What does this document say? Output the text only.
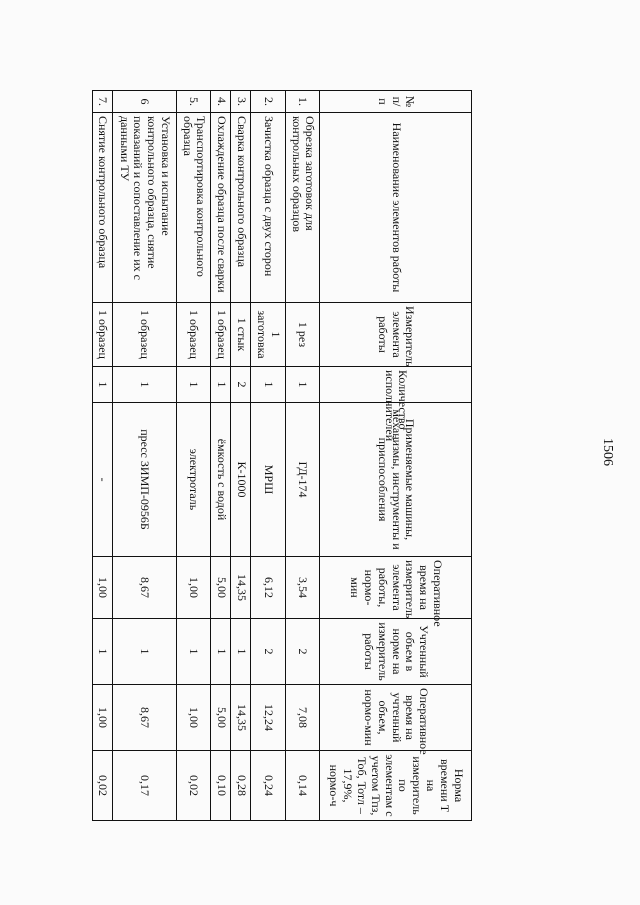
1506
№ п/п	Наименование элементов работы	Измеритель элемента работы	Количество исполнителей	Применяемые машины, механизмы, инструменты и приспособления	Оперативное время на измеритель элемента работы, нормо-мин	Учтенный объем в норме на измеритель работы	Оперативное время на учтенный объем, нормо-мин	Норма времени Т на измеритель по элементам с учетом Тпз, Тоб, Тотл – 17,9%, нормо-ч
1.	Обрезка заготовок для контрольных образцов	1 рез	1	ГД-174	3,54	2	7,08	0,14
2.	Зачистка образца с двух сторон	1 заготовка	1	МРШ	6,12	2	12,24	0,24
3.	Сварка контрольного образца	1 стык	2	К-1000	14,35	1	14,35	0,28
4.	Охлаждение образца после сварки	1 образец	1	ёмкость с водой	5,00	1	5,00	0,10
5.	Транспортировка контрольного образца	1 образец	1	электроталь	1,00	1	1,00	0,02
6	Установка и испытание контрольного образца, снятие показаний и сопоставление их с данными ТУ	1 образец	1	пресс ЗИМП-0956Б	8,67	1	8,67	0,17
7.	Снятие контрольного образца	1 образец	1	-	1,00	1	1,00	0,02
